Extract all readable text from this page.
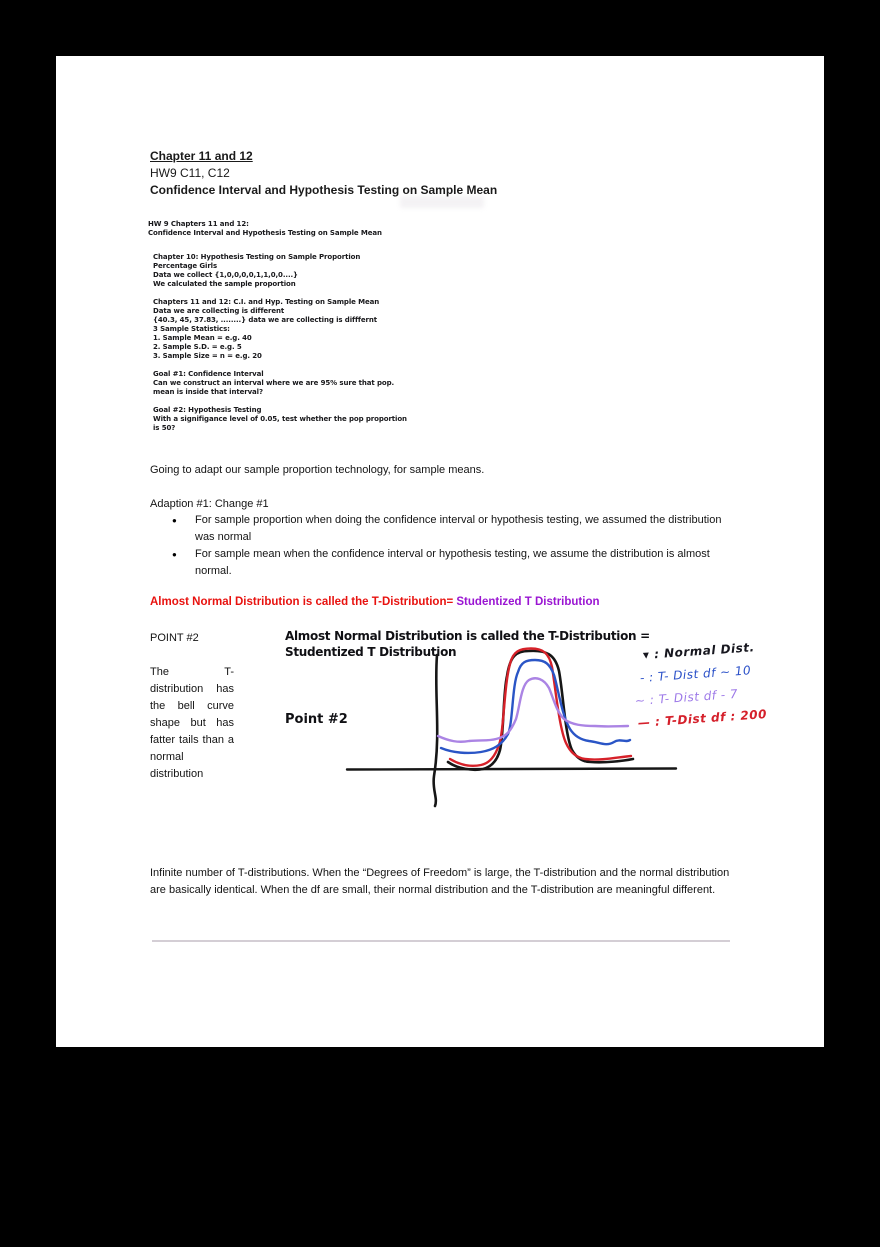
Chapter 11 and 12
HW9 C11, C12
Confidence Interval and Hypothesis Testing on Sample Mean
HW 9 Chapters 11 and 12:
Confidence Interval and Hypothesis Testing on Sample Mean
Chapter 10: Hypothesis Testing on Sample Proportion
Percentage Girls
Data we collect {1,0,0,0,0,1,1,0,0....}
We calculated the sample proportion
Chapters 11 and 12: C.I. and Hyp. Testing on Sample Mean
Data we are collecting is different
{40.3, 45, 37.83, ........} data we are collecting is difffernt
3 Sample Statistics:
1. Sample Mean = e.g. 40
2. Sample S.D. = e.g. 5
3. Sample Size = n = e.g. 20
Goal #1: Confidence Interval
Can we construct an interval where we are 95% sure that pop.
mean is inside that interval?
Goal #2: Hypothesis Testing
With a signifigance level of 0.05, test whether the pop proportion
is 50?
Going to adapt our sample proportion technology, for sample means.
Adaption #1: Change #1
●	For sample proportion when doing the confidence interval or hypothesis testing, we assumed the distribution was normal
●	For sample mean when the confidence interval or hypothesis testing, we assume the distribution is almost normal.
Almost Normal Distribution is called the T-Distribution= Studentized T Distribution
POINT #2
The T-distribution has the bell curve shape but has fatter tails than a normal distribution
Almost Normal Distribution is called the T-Distribution =
Studentized T Distribution
Point #2
▾ : Normal Dist.
- : T- Dist df ~ 10
~ : T- Dist df - 7
— : T-Dist df : 200
Infinite number of T-distributions. When the “Degrees of Freedom” is large, the T-distribution and the normal distribution are basically identical. When the df are small, their normal distribution and the T-distribution are meaningful different.
